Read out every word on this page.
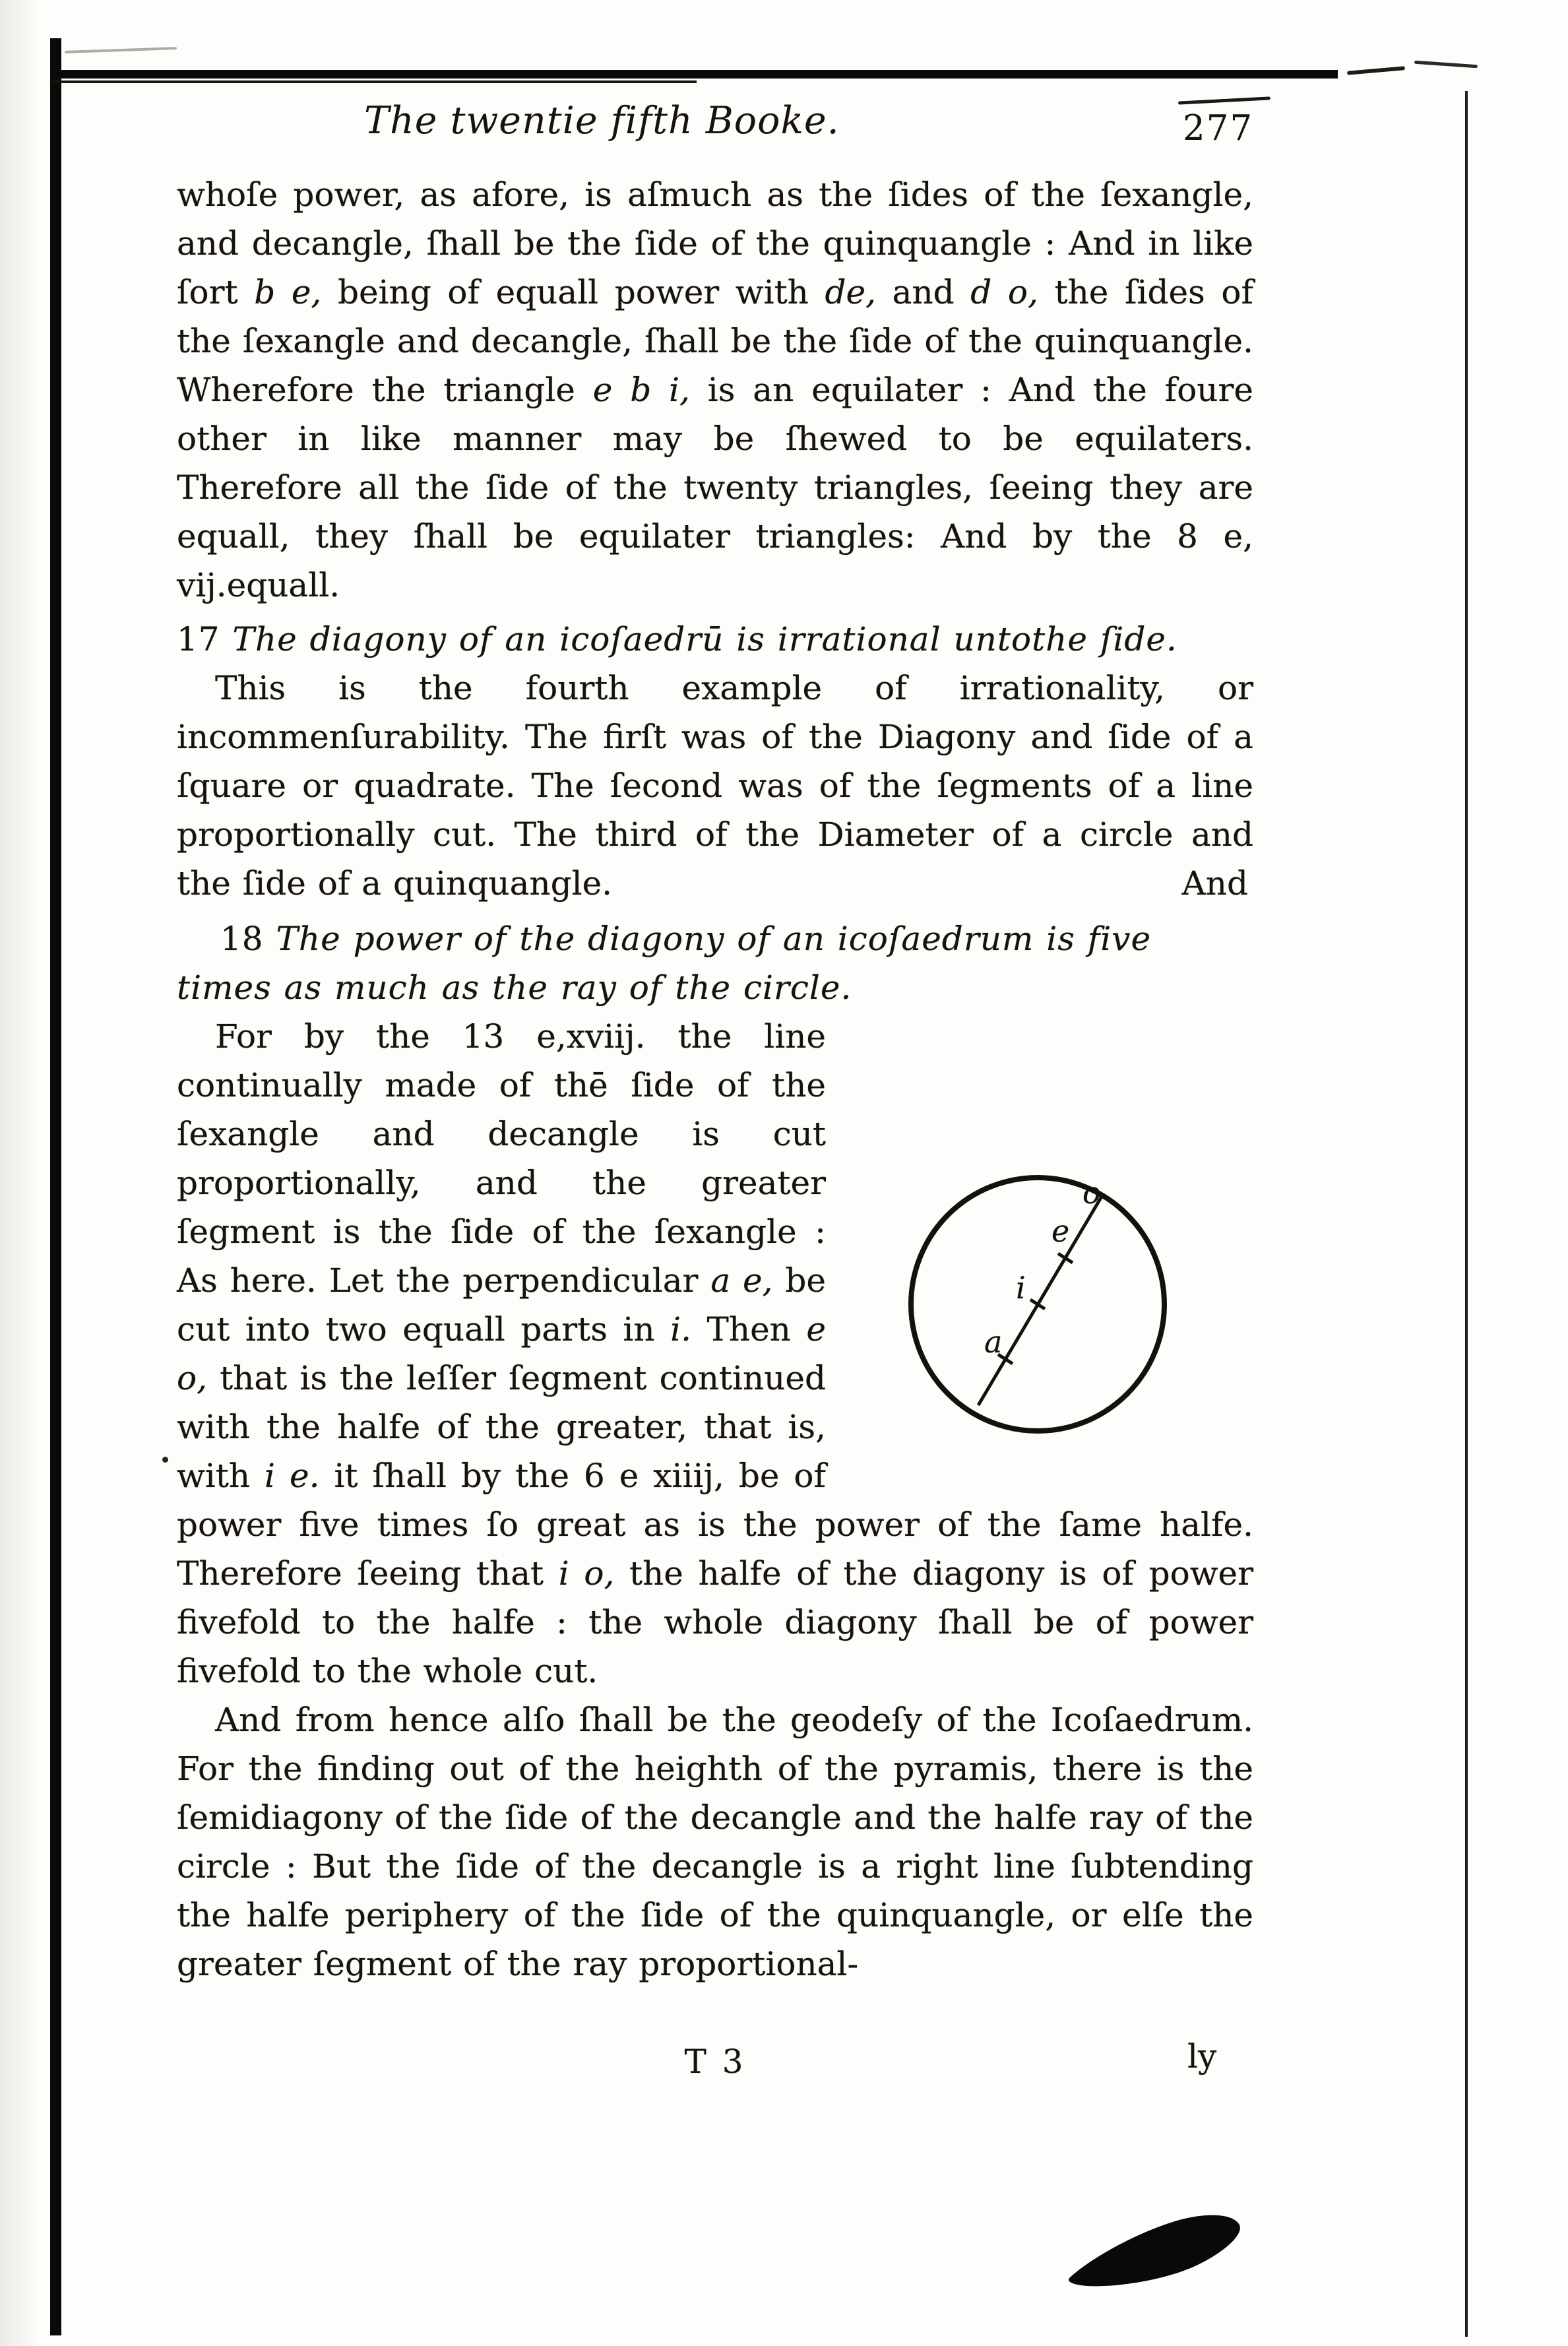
The twentie fifth Booke.	277

whoſe power, as afore, is aſmuch as the ſides of the ſexangle, and decangle, ſhall be the ſide of the quinquangle : And in like ſort b e, being of equall power with de, and d o, the ſides of the ſexangle and decangle, ſhall be the ſide of the quinquangle. Wherefore the triangle e b i, is an equilater : And the foure other in like manner may be ſhewed to be equilaters. Therefore all the ſide of the twenty triangles, ſeeing they are equall, they ſhall be equilater triangles: And by the 8 e, vij.equall.

17 The diagony of an icoſaedrū is irrational untothe ſide.

This is the fourth example of irrationality, or incommenſurability. The firſt was of the Diagony and ſide of a ſquare or quadrate. The ſecond was of the ſegments of a line proportionally cut. The third of the Diameter of a circle and the ſide of a quinquangle.	And

18 The power of the diagony of an icoſaedrum is five times as much as the ray of the circle.

o
e
i
a
For by the 13 e,xviij. the line continually made of thē ſide of the ſexangle and decangle is cut proportionally, and the greater ſegment is the ſide of the ſexangle : As here. Let the perpendicular a e, be cut into two equall parts in i. Then e o, that is the leſſer ſegment continued with the halfe of the greater, that is, with i e. it ſhall by the 6 e xiiij, be of power five times ſo great as is the power of the ſame halfe. Therefore ſeeing that i o, the halfe of the diagony is of power fivefold to the halfe : the whole diagony ſhall be of power fivefold to the whole cut.

And from hence alſo ſhall be the geodeſy of the Icoſaedrum. For the finding out of the heighth of the pyramis, there is the ſemidiagony of the ſide of the decangle and the halfe ray of the circle : But the ſide of the decangle is a right line ſubtending the halfe periphery of the ſide of the quinquangle, or elſe the greater ſegment of the ray proportional-

T 3	ly
